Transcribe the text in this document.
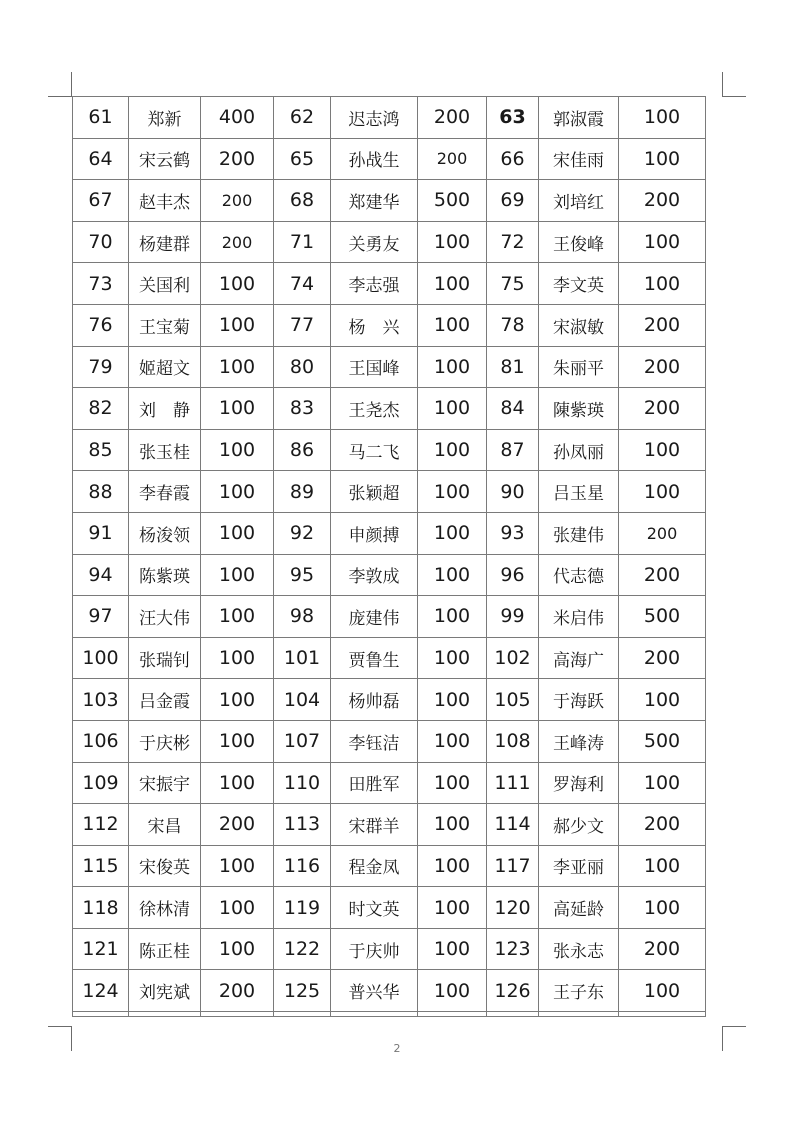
61	郑新	400	62	迟志鸿	200	63	郭淑霞	100
64	宋云鹤	200	65	孙战生	200	66	宋佳雨	100
67	赵丰杰	200	68	郑建华	500	69	刘培红	200
70	杨建群	200	71	关勇友	100	72	王俊峰	100
73	关国利	100	74	李志强	100	75	李文英	100
76	王宝菊	100	77	杨　兴	100	78	宋淑敏	200
79	姬超文	100	80	王国峰	100	81	朱丽平	200
82	刘　静	100	83	王尧杰	100	84	陳紫瑛	200
85	张玉桂	100	86	马二飞	100	87	孙凤丽	100
88	李春霞	100	89	张颖超	100	90	吕玉星	100
91	杨浚领	100	92	申颜搏	100	93	张建伟	200
94	陈紫瑛	100	95	李敦成	100	96	代志德	200
97	汪大伟	100	98	庞建伟	100	99	米启伟	500
100	张瑞钊	100	101	贾鲁生	100	102	高海广	200
103	吕金霞	100	104	杨帅磊	100	105	于海跃	100
106	于庆彬	100	107	李钰洁	100	108	王峰涛	500
109	宋振宇	100	110	田胜军	100	111	罗海利	100
112	宋昌	200	113	宋群羊	100	114	郝少文	200
115	宋俊英	100	116	程金凤	100	117	李亚丽	100
118	徐林清	100	119	时文英	100	120	高延龄	100
121	陈正桂	100	122	于庆帅	100	123	张永志	200
124	刘宪斌	200	125	普兴华	100	126	王子东	100

2
